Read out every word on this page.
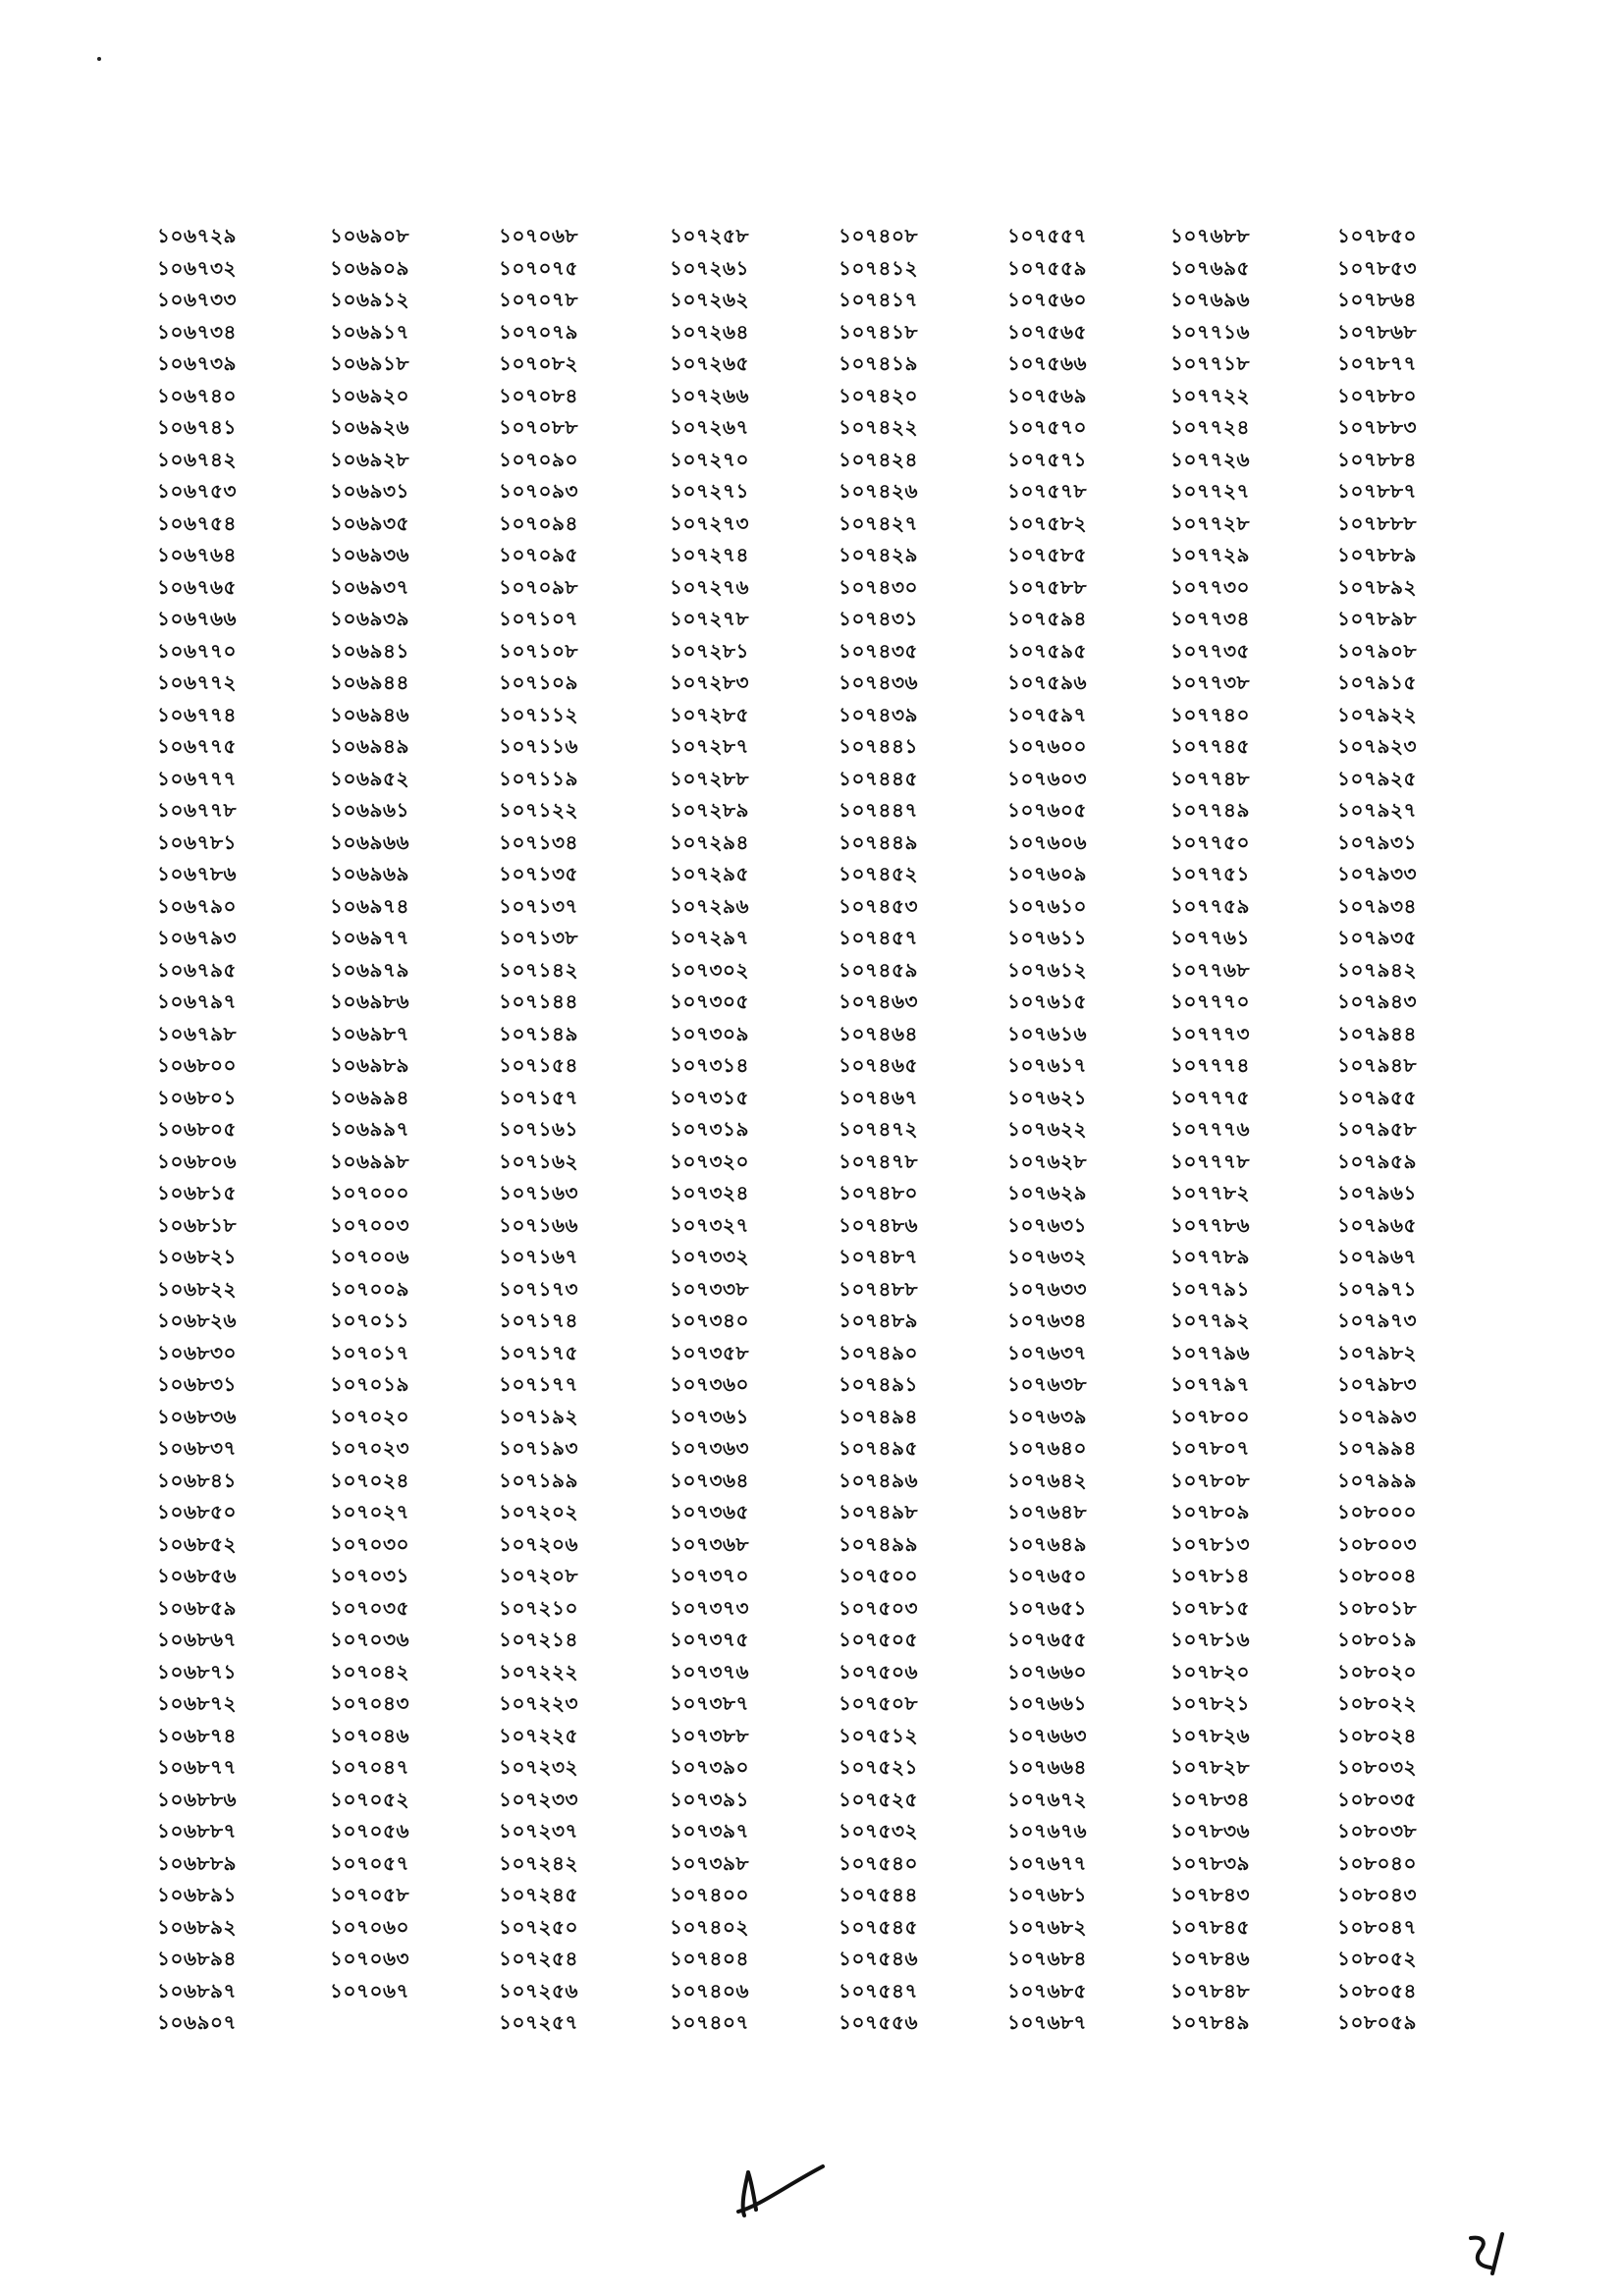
১০৬৭২৯
১০৬৭৩২
১০৬৭৩৩
১০৬৭৩৪
১০৬৭৩৯
১০৬৭৪০
১০৬৭৪১
১০৬৭৪২
১০৬৭৫৩
১০৬৭৫৪
১০৬৭৬৪
১০৬৭৬৫
১০৬৭৬৬
১০৬৭৭০
১০৬৭৭২
১০৬৭৭৪
১০৬৭৭৫
১০৬৭৭৭
১০৬৭৭৮
১০৬৭৮১
১০৬৭৮৬
১০৬৭৯০
১০৬৭৯৩
১০৬৭৯৫
১০৬৭৯৭
১০৬৭৯৮
১০৬৮০০
১০৬৮০১
১০৬৮০৫
১০৬৮০৬
১০৬৮১৫
১০৬৮১৮
১০৬৮২১
১০৬৮২২
১০৬৮২৬
১০৬৮৩০
১০৬৮৩১
১০৬৮৩৬
১০৬৮৩৭
১০৬৮৪১
১০৬৮৫০
১০৬৮৫২
১০৬৮৫৬
১০৬৮৫৯
১০৬৮৬৭
১০৬৮৭১
১০৬৮৭২
১০৬৮৭৪
১০৬৮৭৭
১০৬৮৮৬
১০৬৮৮৭
১০৬৮৮৯
১০৬৮৯১
১০৬৮৯২
১০৬৮৯৪
১০৬৮৯৭
১০৬৯০৭
১০৬৯০৮
১০৬৯০৯
১০৬৯১২
১০৬৯১৭
১০৬৯১৮
১০৬৯২০
১০৬৯২৬
১০৬৯২৮
১০৬৯৩১
১০৬৯৩৫
১০৬৯৩৬
১০৬৯৩৭
১০৬৯৩৯
১০৬৯৪১
১০৬৯৪৪
১০৬৯৪৬
১০৬৯৪৯
১০৬৯৫২
১০৬৯৬১
১০৬৯৬৬
১০৬৯৬৯
১০৬৯৭৪
১০৬৯৭৭
১০৬৯৭৯
১০৬৯৮৬
১০৬৯৮৭
১০৬৯৮৯
১০৬৯৯৪
১০৬৯৯৭
১০৬৯৯৮
১০৭০০০
১০৭০০৩
১০৭০০৬
১০৭০০৯
১০৭০১১
১০৭০১৭
১০৭০১৯
১০৭০২০
১০৭০২৩
১০৭০২৪
১০৭০২৭
১০৭০৩০
১০৭০৩১
১০৭০৩৫
১০৭০৩৬
১০৭০৪২
১০৭০৪৩
১০৭০৪৬
১০৭০৪৭
১০৭০৫২
১০৭০৫৬
১০৭০৫৭
১০৭০৫৮
১০৭০৬০
১০৭০৬৩
১০৭০৬৭
১০৭০৬৮
১০৭০৭৫
১০৭০৭৮
১০৭০৭৯
১০৭০৮২
১০৭০৮৪
১০৭০৮৮
১০৭০৯০
১০৭০৯৩
১০৭০৯৪
১০৭০৯৫
১০৭০৯৮
১০৭১০৭
১০৭১০৮
১০৭১০৯
১০৭১১২
১০৭১১৬
১০৭১১৯
১০৭১২২
১০৭১৩৪
১০৭১৩৫
১০৭১৩৭
১০৭১৩৮
১০৭১৪২
১০৭১৪৪
১০৭১৪৯
১০৭১৫৪
১০৭১৫৭
১০৭১৬১
১০৭১৬২
১০৭১৬৩
১০৭১৬৬
১০৭১৬৭
১০৭১৭৩
১০৭১৭৪
১০৭১৭৫
১০৭১৭৭
১০৭১৯২
১০৭১৯৩
১০৭১৯৯
১০৭২০২
১০৭২০৬
১০৭২০৮
১০৭২১০
১০৭২১৪
১০৭২২২
১০৭২২৩
১০৭২২৫
১০৭২৩২
১০৭২৩৩
১০৭২৩৭
১০৭২৪২
১০৭২৪৫
১০৭২৫০
১০৭২৫৪
১০৭২৫৬
১০৭২৫৭
১০৭২৫৮
১০৭২৬১
১০৭২৬২
১০৭২৬৪
১০৭২৬৫
১০৭২৬৬
১০৭২৬৭
১০৭২৭০
১০৭২৭১
১০৭২৭৩
১০৭২৭৪
১০৭২৭৬
১০৭২৭৮
১০৭২৮১
১০৭২৮৩
১০৭২৮৫
১০৭২৮৭
১০৭২৮৮
১০৭২৮৯
১০৭২৯৪
১০৭২৯৫
১০৭২৯৬
১০৭২৯৭
১০৭৩০২
১০৭৩০৫
১০৭৩০৯
১০৭৩১৪
১০৭৩১৫
১০৭৩১৯
১০৭৩২০
১০৭৩২৪
১০৭৩২৭
১০৭৩৩২
১০৭৩৩৮
১০৭৩৪০
১০৭৩৫৮
১০৭৩৬০
১০৭৩৬১
১০৭৩৬৩
১০৭৩৬৪
১০৭৩৬৫
১০৭৩৬৮
১০৭৩৭০
১০৭৩৭৩
১০৭৩৭৫
১০৭৩৭৬
১০৭৩৮৭
১০৭৩৮৮
১০৭৩৯০
১০৭৩৯১
১০৭৩৯৭
১০৭৩৯৮
১০৭৪০০
১০৭৪০২
১০৭৪০৪
১০৭৪০৬
১০৭৪০৭
১০৭৪০৮
১০৭৪১২
১০৭৪১৭
১০৭৪১৮
১০৭৪১৯
১০৭৪২০
১০৭৪২২
১০৭৪২৪
১০৭৪২৬
১০৭৪২৭
১০৭৪২৯
১০৭৪৩০
১০৭৪৩১
১০৭৪৩৫
১০৭৪৩৬
১০৭৪৩৯
১০৭৪৪১
১০৭৪৪৫
১০৭৪৪৭
১০৭৪৪৯
১০৭৪৫২
১০৭৪৫৩
১০৭৪৫৭
১০৭৪৫৯
১০৭৪৬৩
১০৭৪৬৪
১০৭৪৬৫
১০৭৪৬৭
১০৭৪৭২
১০৭৪৭৮
১০৭৪৮০
১০৭৪৮৬
১০৭৪৮৭
১০৭৪৮৮
১০৭৪৮৯
১০৭৪৯০
১০৭৪৯১
১০৭৪৯৪
১০৭৪৯৫
১০৭৪৯৬
১০৭৪৯৮
১০৭৪৯৯
১০৭৫০০
১০৭৫০৩
১০৭৫০৫
১০৭৫০৬
১০৭৫০৮
১০৭৫১২
১০৭৫২১
১০৭৫২৫
১০৭৫৩২
১০৭৫৪০
১০৭৫৪৪
১০৭৫৪৫
১০৭৫৪৬
১০৭৫৪৭
১০৭৫৫৬
১০৭৫৫৭
১০৭৫৫৯
১০৭৫৬০
১০৭৫৬৫
১০৭৫৬৬
১০৭৫৬৯
১০৭৫৭০
১০৭৫৭১
১০৭৫৭৮
১০৭৫৮২
১০৭৫৮৫
১০৭৫৮৮
১০৭৫৯৪
১০৭৫৯৫
১০৭৫৯৬
১০৭৫৯৭
১০৭৬০০
১০৭৬০৩
১০৭৬০৫
১০৭৬০৬
১০৭৬০৯
১০৭৬১০
১০৭৬১১
১০৭৬১২
১০৭৬১৫
১০৭৬১৬
১০৭৬১৭
১০৭৬২১
১০৭৬২২
১০৭৬২৮
১০৭৬২৯
১০৭৬৩১
১০৭৬৩২
১০৭৬৩৩
১০৭৬৩৪
১০৭৬৩৭
১০৭৬৩৮
১০৭৬৩৯
১০৭৬৪০
১০৭৬৪২
১০৭৬৪৮
১০৭৬৪৯
১০৭৬৫০
১০৭৬৫১
১০৭৬৫৫
১০৭৬৬০
১০৭৬৬১
১০৭৬৬৩
১০৭৬৬৪
১০৭৬৭২
১০৭৬৭৬
১০৭৬৭৭
১০৭৬৮১
১০৭৬৮২
১০৭৬৮৪
১০৭৬৮৫
১০৭৬৮৭
১০৭৬৮৮
১০৭৬৯৫
১০৭৬৯৬
১০৭৭১৬
১০৭৭১৮
১০৭৭২২
১০৭৭২৪
১০৭৭২৬
১০৭৭২৭
১০৭৭২৮
১০৭৭২৯
১০৭৭৩০
১০৭৭৩৪
১০৭৭৩৫
১০৭৭৩৮
১০৭৭৪০
১০৭৭৪৫
১০৭৭৪৮
১০৭৭৪৯
১০৭৭৫০
১০৭৭৫১
১০৭৭৫৯
১০৭৭৬১
১০৭৭৬৮
১০৭৭৭০
১০৭৭৭৩
১০৭৭৭৪
১০৭৭৭৫
১০৭৭৭৬
১০৭৭৭৮
১০৭৭৮২
১০৭৭৮৬
১০৭৭৮৯
১০৭৭৯১
১০৭৭৯২
১০৭৭৯৬
১০৭৭৯৭
১০৭৮০০
১০৭৮০৭
১০৭৮০৮
১০৭৮০৯
১০৭৮১৩
১০৭৮১৪
১০৭৮১৫
১০৭৮১৬
১০৭৮২০
১০৭৮২১
১০৭৮২৬
১০৭৮২৮
১০৭৮৩৪
১০৭৮৩৬
১০৭৮৩৯
১০৭৮৪৩
১০৭৮৪৫
১০৭৮৪৬
১০৭৮৪৮
১০৭৮৪৯
১০৭৮৫০
১০৭৮৫৩
১০৭৮৬৪
১০৭৮৬৮
১০৭৮৭৭
১০৭৮৮০
১০৭৮৮৩
১০৭৮৮৪
১০৭৮৮৭
১০৭৮৮৮
১০৭৮৮৯
১০৭৮৯২
১০৭৮৯৮
১০৭৯০৮
১০৭৯১৫
১০৭৯২২
১০৭৯২৩
১০৭৯২৫
১০৭৯২৭
১০৭৯৩১
১০৭৯৩৩
১০৭৯৩৪
১০৭৯৩৫
১০৭৯৪২
১০৭৯৪৩
১০৭৯৪৪
১০৭৯৪৮
১০৭৯৫৫
১০৭৯৫৮
১০৭৯৫৯
১০৭৯৬১
১০৭৯৬৫
১০৭৯৬৭
১০৭৯৭১
১০৭৯৭৩
১০৭৯৮২
১০৭৯৮৩
১০৭৯৯৩
১০৭৯৯৪
১০৭৯৯৯
১০৮০০০
১০৮০০৩
১০৮০০৪
১০৮০১৮
১০৮০১৯
১০৮০২০
১০৮০২২
১০৮০২৪
১০৮০৩২
১০৮০৩৫
১০৮০৩৮
১০৮০৪০
১০৮০৪৩
১০৮০৪৭
১০৮০৫২
১০৮০৫৪
১০৮০৫৯
